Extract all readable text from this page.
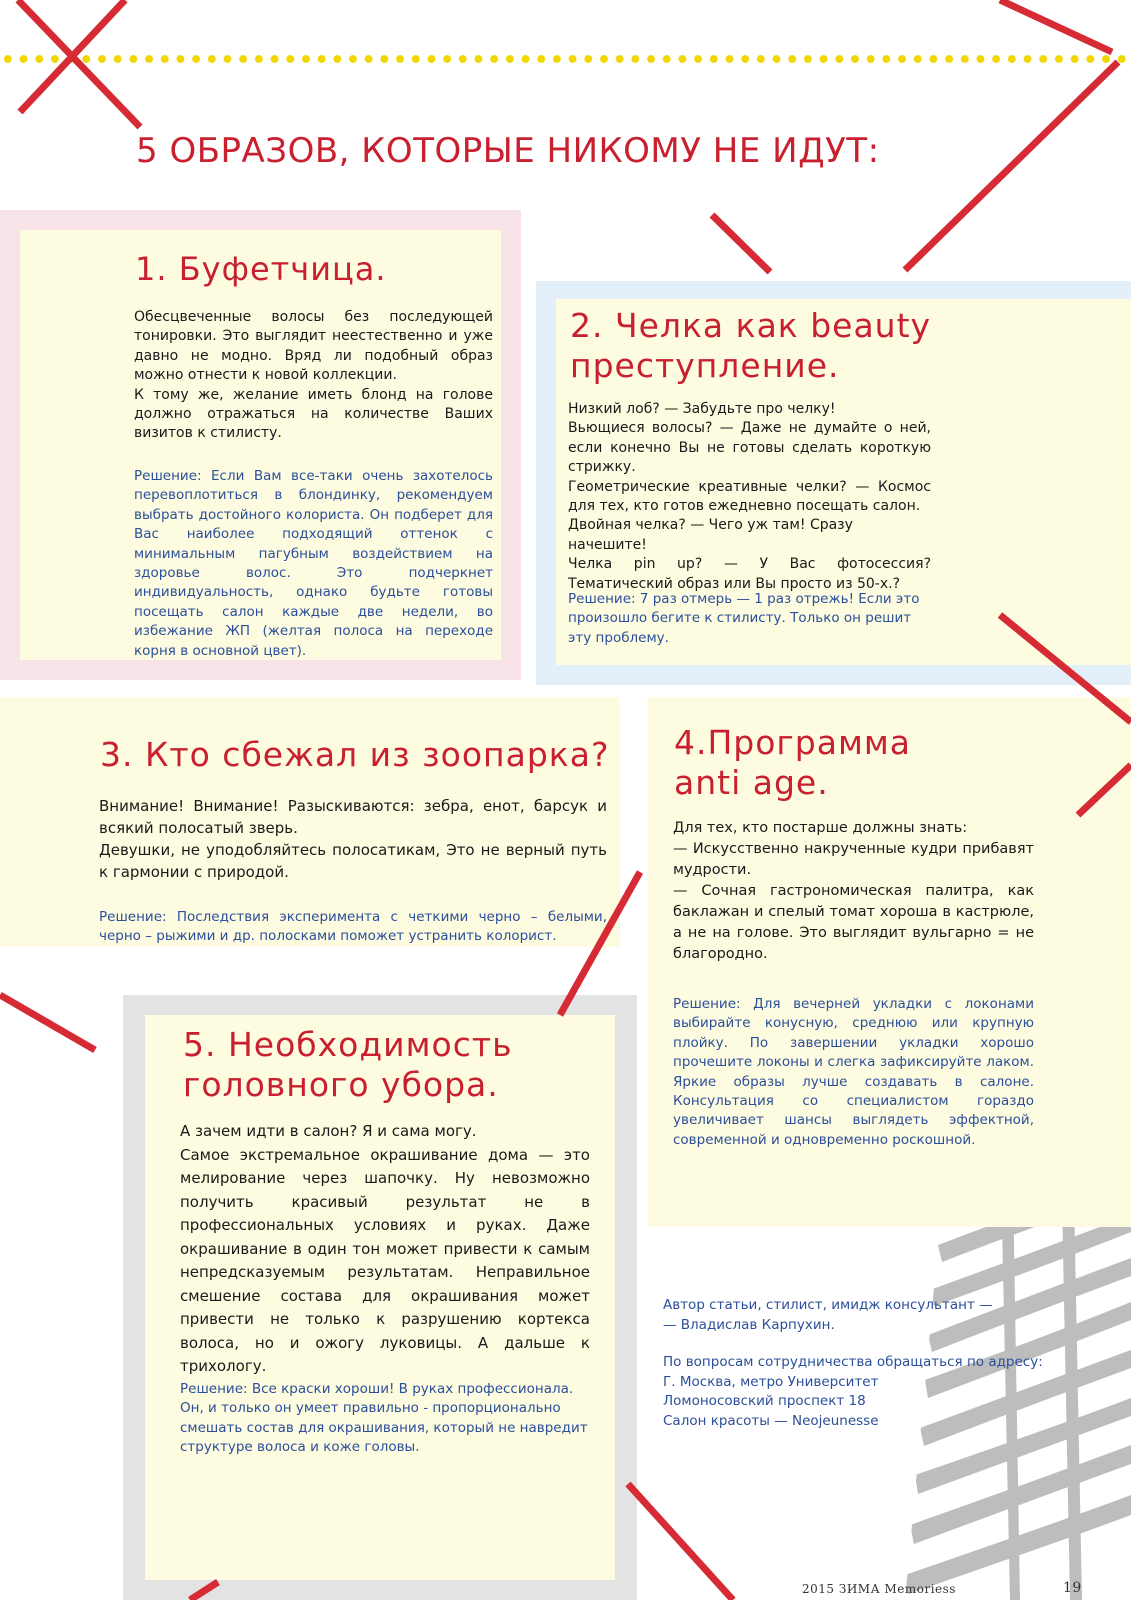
5 ОБРАЗОВ, КОТОРЫЕ НИКОМУ НЕ ИДУТ:
1. Буфетчица.

Обесцвеченные волосы без последующей тонировки. Это выглядит неестественно и уже давно не модно. Вряд ли подобный образ можно отнести к новой коллекции.

К тому же, желание иметь блонд на голове должно отражаться на количестве Ваших визитов к стилисту.

Решение: Если Вам все-таки очень захотелось перевоплотиться в блондинку, рекомендуем выбрать достойного колориста. Он подберет для Вас наиболее подходящий оттенок с минимальным пагубным воздействием на здоровье волос. Это подчеркнет индивидуальность, однако будьте готовы посещать салон каждые две недели, во избежание ЖП (желтая полоса на переходе корня в основной цвет).

2. Челка как beauty
преступление.

Низкий лоб? — Забудьте про челку!

Вьющиеся волосы? — Даже не думайте о ней, если конечно Вы не готовы сделать короткую стрижку.

Геометрические креативные челки? — Космос для тех, кто готов ежедневно посещать салон.

Двойная челка? — Чего уж там! Сразу начешите!

Челка pin up? — У Вас фотосессия? Тематический образ или Вы просто из 50-х.?

Решение: 7 раз отмерь — 1 раз отрежь! Если это произошло бегите к стилисту. Только он решит эту проблему.

3. Кто сбежал из зоопарка?

Внимание! Внимание! Разыскиваются: зебра, енот, барсук и всякий полосатый зверь.

Девушки, не уподобляйтесь полосатикам, Это не верный путь к гармонии с природой.

Решение: Последствия эксперимента с четкими черно – белыми, черно – рыжими и др. полосками поможет устранить колорист.

4.Программа
anti age.

Для тех, кто постарше должны знать:

— Искусственно накрученные кудри прибавят мудрости.

— Сочная гастрономическая палитра, как баклажан и спелый томат хороша в кастрюле, а не на голове. Это выглядит вульгарно = не благородно.

Решение: Для вечерней укладки с локонами выбирайте конусную, среднюю или крупную плойку. По завершении укладки хорошо прочешите локоны и слегка зафиксируйте лаком. Яркие образы лучше создавать в салоне. Консультация со специалистом гораздо увеличивает шансы выглядеть эффектной, современной и одновременно роскошной.

5. Необходимость
головного убора.

А зачем идти в салон? Я и сама могу.

Самое экстремальное окрашивание дома — это мелирование через шапочку. Ну невозможно получить красивый результат не в профессиональных условиях и руках. Даже окрашивание в один тон может привести к самым непредсказуемым результатам. Неправильное смешение состава для окрашивания может привести не только к разрушению кортекса волоса, но и ожогу луковицы. А дальше к трихологу.

Решение: Все краски хороши! В руках профессионала. Он, и только он умеет правильно - пропорционально смешать состав для окрашивания, который не навредит структуре волоса и коже головы.

Автор статьи, стилист, имидж консультант —

— Владислав Карпухин.

По вопросам сотрудничества обращаться по адресу:

Г. Москва, метро Университет

Ломоносовский проспект 18

Салон красоты — Neojeunesse

2015 ЗИМА Memoriess	19
